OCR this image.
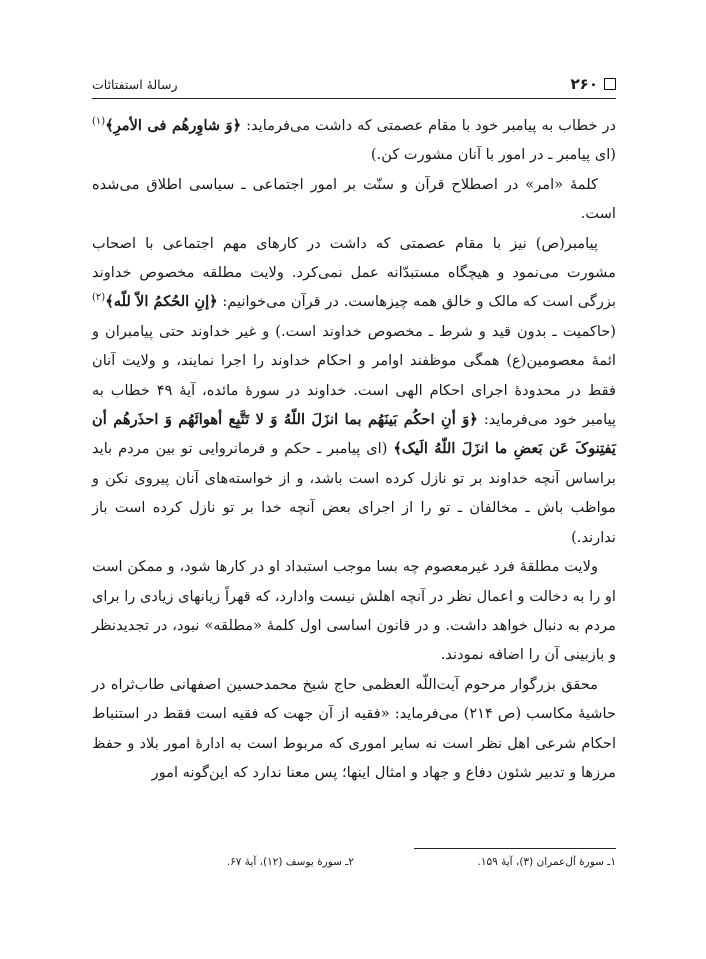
۲۶۰
رسالهٔ استفتائات

در خطاب به پیامبر خود با مقام عصمتی که داشت می‌فرماید: ﴿وَ شاوِرهُم فی الأمرِ﴾$^{(۱)}$ (ای پیامبر ـ در امور با آنان مشورت کن.)

کلمهٔ «امر» در اصطلاح قرآن و سنّت بر امور اجتماعی ـ سیاسی اطلاق می‌شده است.

پیامبر(ص) نیز با مقام عصمتی که داشت در کارهای مهم اجتماعی با اصحاب مشورت می‌نمود و هیچگاه مستبدّانه عمل نمی‌کرد. ولایت مطلقه مخصوص خداوند بزرگی است که مالک و خالق همه چیزهاست. در قرآن می‌خوانیم: ﴿إنِ الحُکمُ الاّ للّه﴾$^{(۲)}$ (حاکمیت ـ بدون قید و شرط ـ مخصوص خداوند است.) و غیر خداوند حتی پیامبران و ائمهٔ معصومین(ع) همگی موظفند اوامر و احکام خداوند را اجرا نمایند، و ولایت آنان فقط در محدودهٔ اجرای احکام الهی است. خداوند در سورهٔ مائده، آیهٔ ۴۹ خطاب به پیامبر خود می‌فرماید: ﴿وَ أنِ احکُم بَینَهُم بما انزَلَ اللّهُ وَ لا تَتَّبِع أهوائَهُم وَ احذَرهُم أن یَفتِنوکَ عَن بَعضِ ما انزَلَ اللّهُ الَیک﴾ (ای پیامبر ـ حکم و فرمانروایی تو بین مردم باید براساس آنچه خداوند بر تو نازل کرده است باشد، و از خواسته‌های آنان پیروی نکن و مواظب باش ـ مخالفان ـ تو را از اجرای بعض آنچه خدا بر تو نازل کرده است باز ندارند.)

ولایت مطلقهٔ فرد غیرمعصوم چه بسا موجب استبداد او در کارها شود، و ممکن است او را به دخالت و اعمال نظر در آنچه اهلش نیست وادارد، که قهراً زیانهای زیادی را برای مردم به دنبال خواهد داشت. و در قانون اساسی اول کلمهٔ «مطلقه» نبود، در تجدیدنظر و بازبینی آن را اضافه نمودند.

محقق بزرگوار مرحوم آیت‌اللّه العظمی حاج شیخ محمدحسین اصفهانی طاب‌ثراه در حاشیهٔ مکاسب (ص ۲۱۴) می‌فرماید: «فقیه از آن جهت که فقیه است فقط در استنباط احکام شرعی اهل نظر است نه سایر اموری که مربوط است به ادارهٔ امور بلاد و حفظ مرزها و تدبیر شئون دفاع و جهاد و امثال اینها؛ پس معنا ندارد که این‌گونه امور

۱ـ سورهٔ آل‌عمران (۳)، آیهٔ ۱۵۹.
۲ـ سورهٔ یوسف (۱۲)، آیهٔ ۶۷.
